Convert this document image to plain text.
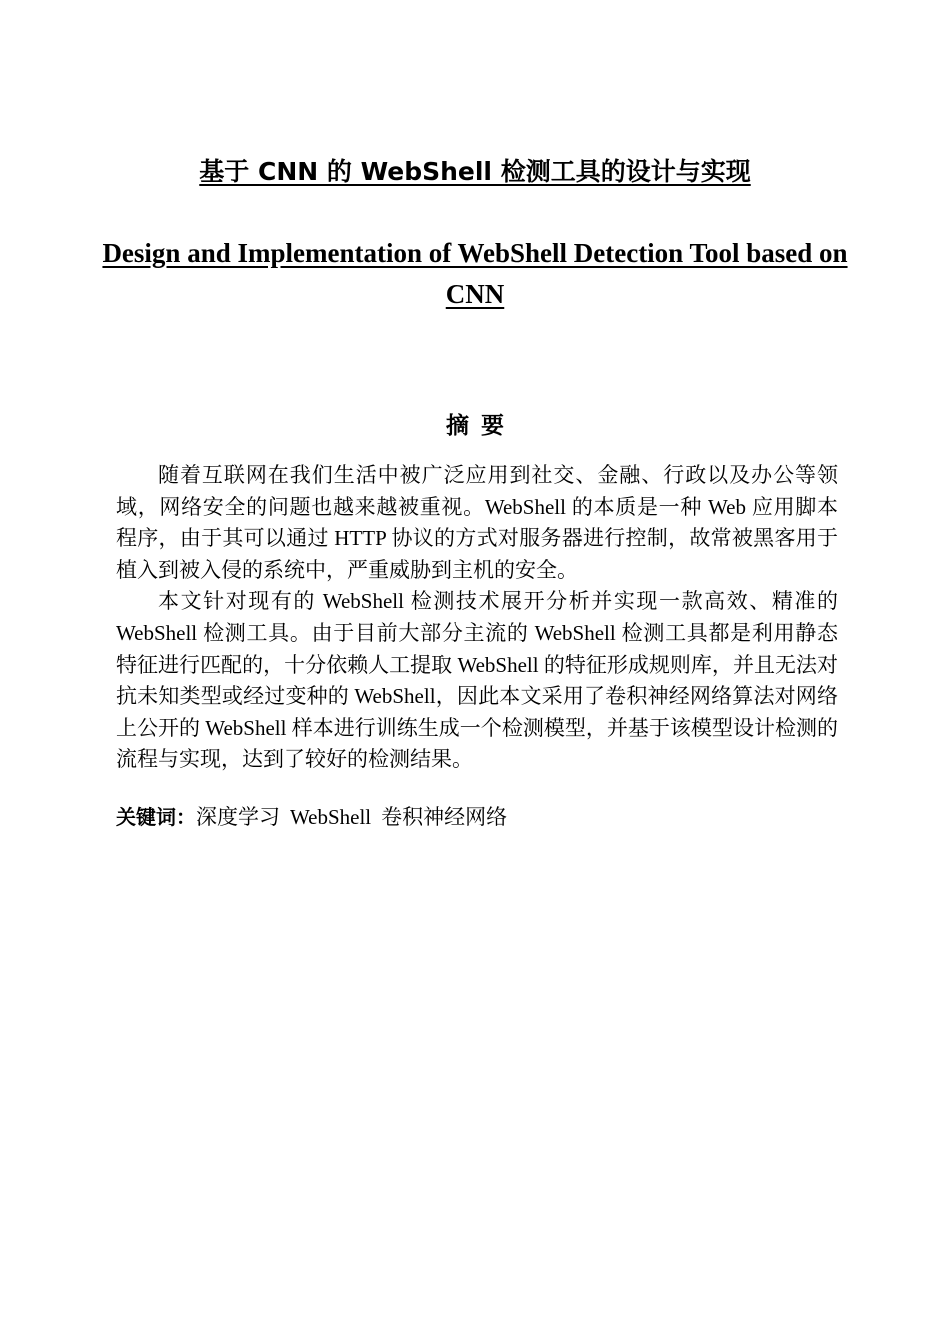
基于 CNN 的 WebShell 检测工具的设计与实现
Design and Implementation of WebShell Detection Tool based on CNN
摘要

随着互联网在我们生活中被广泛应用到社交、金融、行政以及办公等领域，网络安全的问题也越来越被重视。WebShell 的本质是一种 Web 应用脚本程序，由于其可以通过 HTTP 协议的方式对服务器进行控制，故常被黑客用于植入到被入侵的系统中，严重威胁到主机的安全。

本文针对现有的 WebShell 检测技术展开分析并实现一款高效、精准的 WebShell 检测工具。由于目前大部分主流的 WebShell 检测工具都是利用静态特征进行匹配的，十分依赖人工提取 WebShell 的特征形成规则库，并且无法对抗未知类型或经过变种的 WebShell，因此本文采用了卷积神经网络算法对网络上公开的 WebShell 样本进行训练生成一个检测模型，并基于该模型设计检测的流程与实现，达到了较好的检测结果。

关键词：深度学习 WebShell 卷积神经网络
